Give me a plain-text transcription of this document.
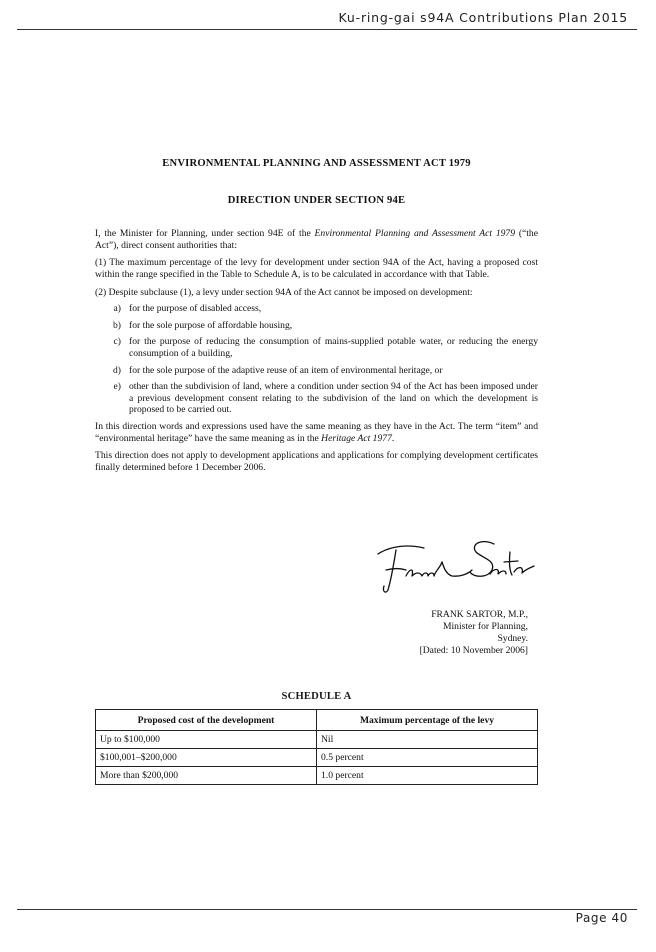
Ku-ring-gai s94A Contributions Plan 2015
ENVIRONMENTAL PLANNING AND ASSESSMENT ACT 1979
DIRECTION UNDER SECTION 94E

I, the Minister for Planning, under section 94E of the Environmental Planning and Assessment Act 1979 (“the Act”), direct consent authorities that:

(1) The maximum percentage of the levy for development under section 94A of the Act, having a proposed cost within the range specified in the Table to Schedule A, is to be calculated in accordance with that Table.

(2) Despite subclause (1), a levy under section 94A of the Act cannot be imposed on development:

a) for the purpose of disabled access,
b) for the sole purpose of affordable housing,
c) for the purpose of reducing the consumption of mains-supplied potable water, or reducing the energy consumption of a building,
d) for the sole purpose of the adaptive reuse of an item of environmental heritage, or
e) other than the subdivision of land, where a condition under section 94 of the Act has been imposed under a previous development consent relating to the subdivision of the land on which the development is proposed to be carried out.

In this direction words and expressions used have the same meaning as they have in the Act. The term “item” and “environmental heritage” have the same meaning as in the Heritage Act 1977.

This direction does not apply to development applications and applications for complying development certificates finally determined before 1 December 2006.

Frank Sartor
FRANK SARTOR, M.P.,
Minister for Planning,
Sydney.
[Dated: 10 November 2006]
SCHEDULE A
Proposed cost of the development	Maximum percentage of the levy
Up to $100,000	Nil
$100,001–$200,000	0.5 percent
More than $200,000	1.0 percent
Page 40
